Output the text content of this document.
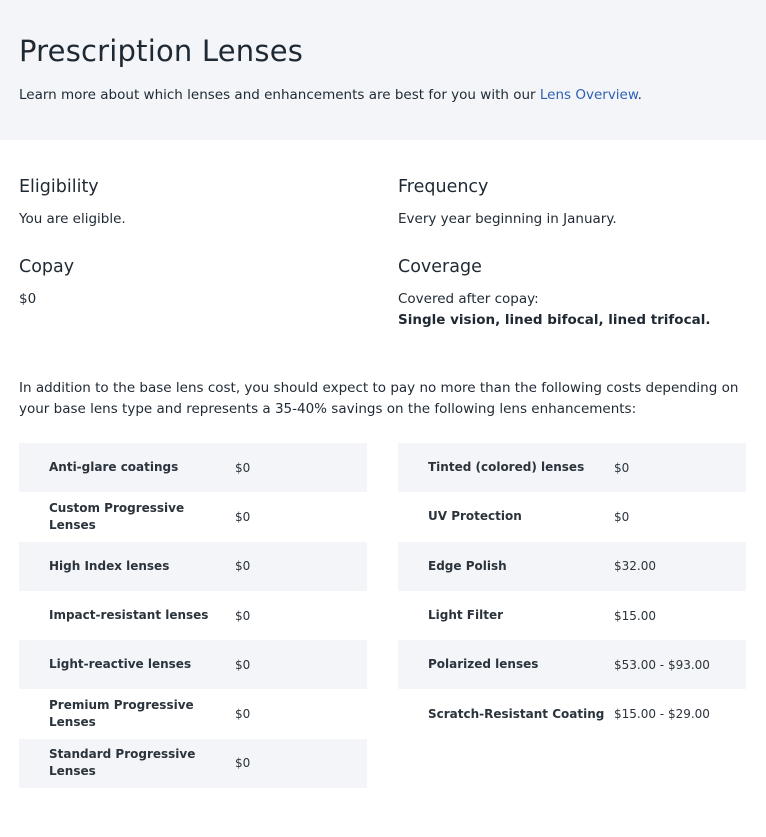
Prescription Lenses
Learn more about which lenses and enhancements are best for you with our Lens Overview.
Eligibility

You are eligible.

Frequency

Every year beginning in January.

Copay

$0

Coverage

Covered after copay:

Single vision, lined bifocal, lined trifocal.

In addition to the base lens cost, you should expect to pay no more than the following costs depending on your base lens type and represents a 35-40% savings on the following lens enhancements:

Anti-glare coatings	$0
Custom Progressive Lenses
$0
High Index lenses	$0
Impact-resistant lenses	$0
Light-reactive lenses	$0
Premium Progressive Lenses
$0
Standard Progressive Lenses
$0
Tinted (colored) lenses	$0
UV Protection	$0
Edge Polish	$32.00
Light Filter	$15.00
Polarized lenses	$53.00 - $93.00
Scratch-Resistant Coating $15.00 - $29.00
